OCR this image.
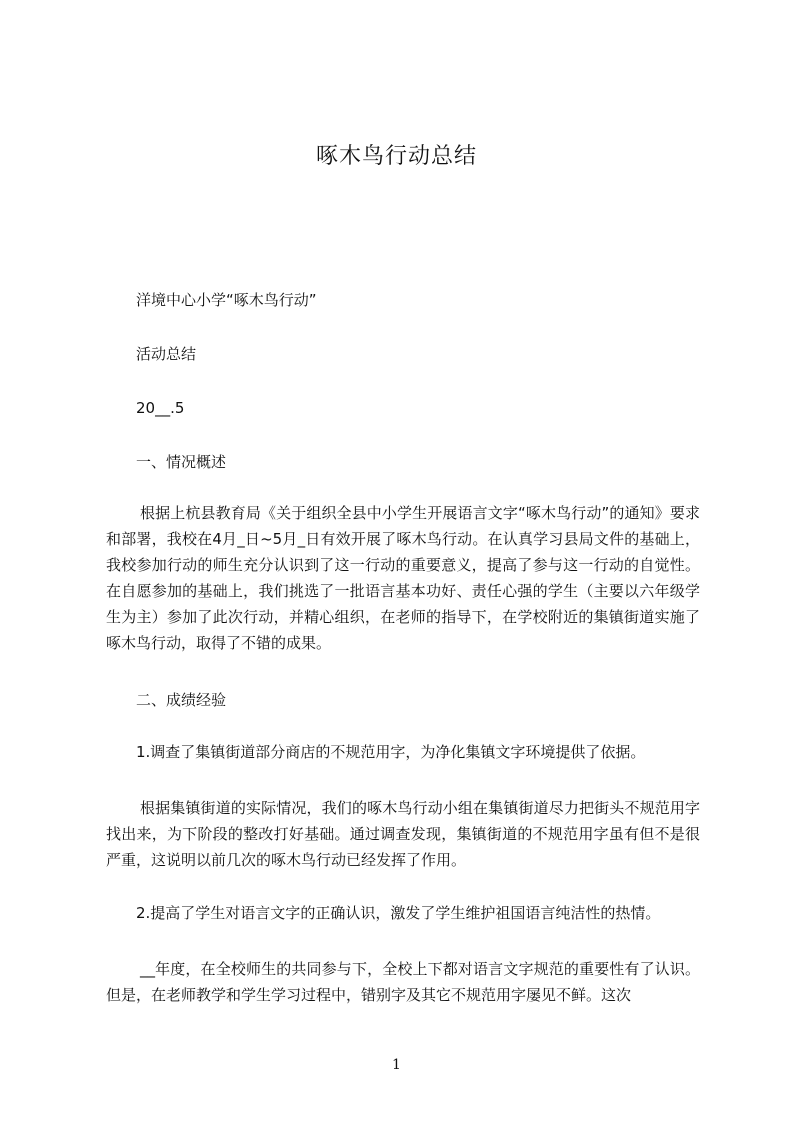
啄木鸟行动总结
洋境中心小学“啄木鸟行动”
活动总结
20__.5
一、情况概述

根据上杭县教育局《关于组织全县中小学生开展语言文字“啄木鸟行动”的通知》要求和部署，我校在4月_日~5月_日有效开展了啄木鸟行动。在认真学习县局文件的基础上，我校参加行动的师生充分认识到了这一行动的重要意义，提高了参与这一行动的自觉性。在自愿参加的基础上，我们挑选了一批语言基本功好、责任心强的学生（主要以六年级学生为主）参加了此次行动，并精心组织，在老师的指导下，在学校附近的集镇街道实施了啄木鸟行动，取得了不错的成果。

二、成绩经验
1.调查了集镇街道部分商店的不规范用字，为净化集镇文字环境提供了依据。

根据集镇街道的实际情况，我们的啄木鸟行动小组在集镇街道尽力把街头不规范用字找出来，为下阶段的整改打好基础。通过调查发现，集镇街道的不规范用字虽有但不是很严重，这说明以前几次的啄木鸟行动已经发挥了作用。

2.提高了学生对语言文字的正确认识，激发了学生维护祖国语言纯洁性的热情。

__年度，在全校师生的共同参与下，全校上下都对语言文字规范的重要性有了认识。但是，在老师教学和学生学习过程中，错别字及其它不规范用字屡见不鲜。这次

1
